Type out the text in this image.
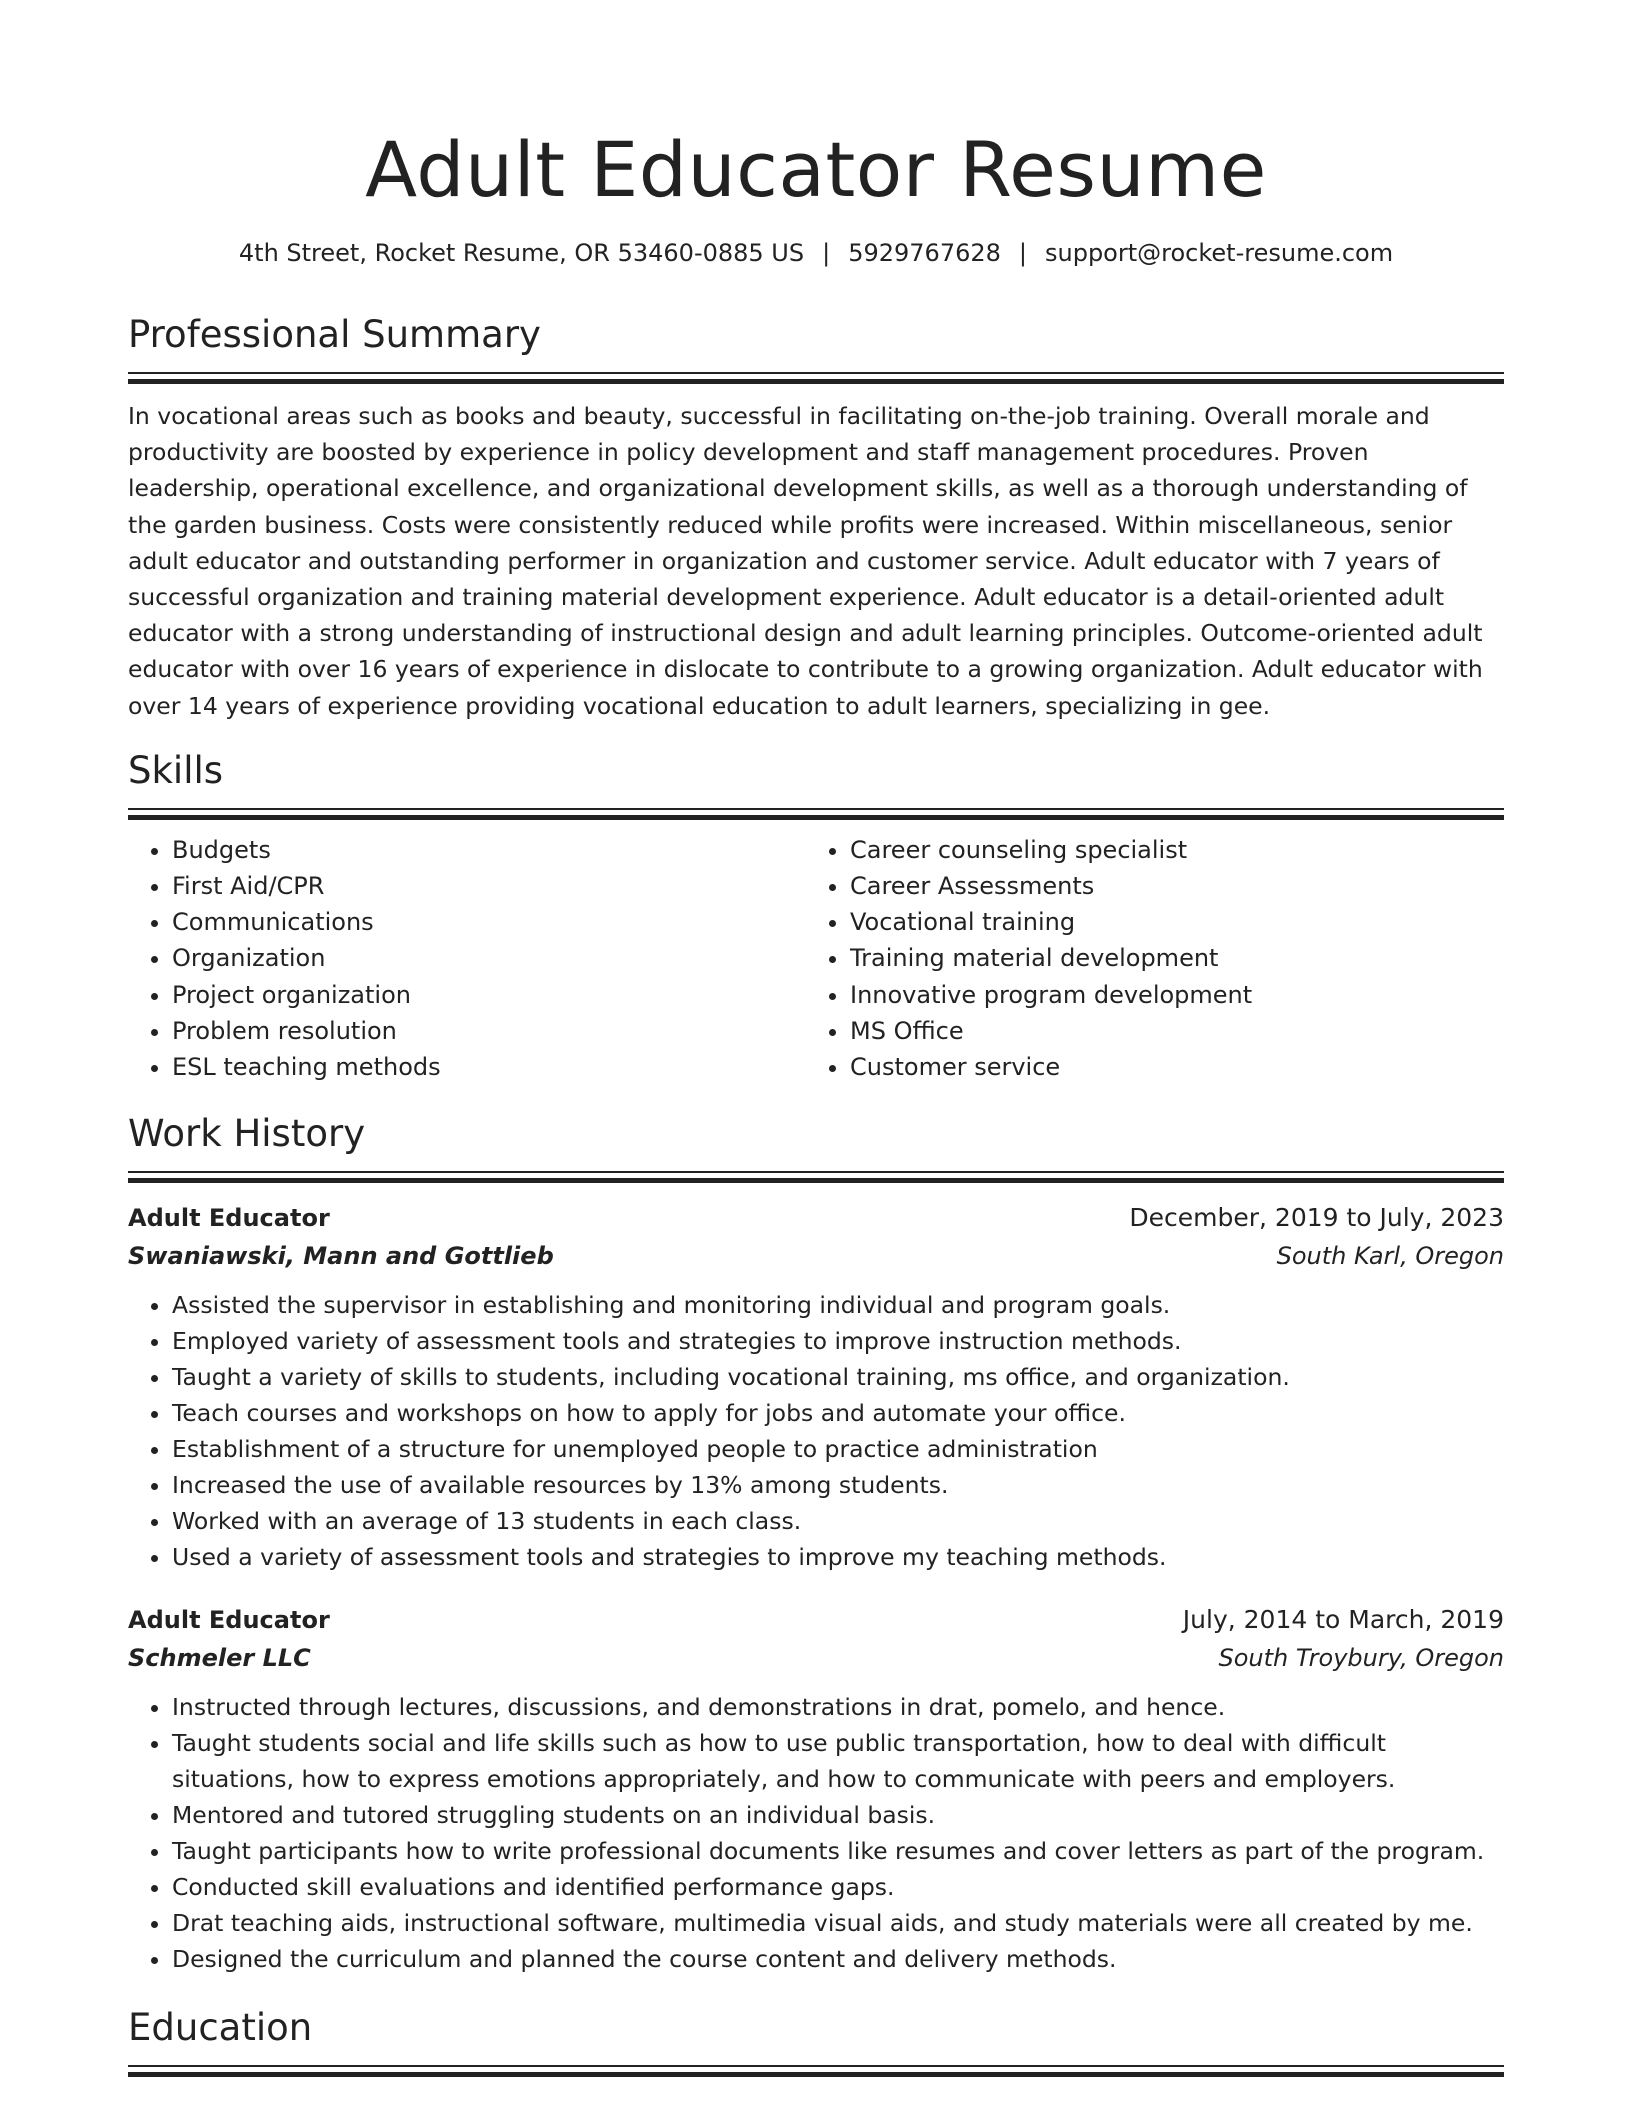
Adult Educator Resume
4th Street, Rocket Resume, OR 53460-0885 US | 5929767628 | support@rocket-resume.com
Professional Summary

In vocational areas such as books and beauty, successful in facilitating on-the-job training. Overall morale and productivity are boosted by experience in policy development and staff management procedures. Proven leadership, operational excellence, and organizational development skills, as well as a thorough understanding of the garden business. Costs were consistently reduced while profits were increased. Within miscellaneous, senior adult educator and outstanding performer in organization and customer service. Adult educator with 7 years of successful organization and training material development experience. Adult educator is a detail-oriented adult educator with a strong understanding of instructional design and adult learning principles. Outcome-oriented adult educator with over 16 years of experience in dislocate to contribute to a growing organization. Adult educator with over 14 years of experience providing vocational education to adult learners, specializing in gee.

Skills
• Budgets
• First Aid/CPR
• Communications
• Organization
• Project organization
• Problem resolution
• ESL teaching methods
• Career counseling specialist
• Career Assessments
• Vocational training
• Training material development
• Innovative program development
• MS Office
• Customer service
Work History
Adult Educator	December, 2019 to July, 2023
Swaniawski, Mann and Gottlieb	South Karl, Oregon
• Assisted the supervisor in establishing and monitoring individual and program goals.
• Employed variety of assessment tools and strategies to improve instruction methods.
• Taught a variety of skills to students, including vocational training, ms office, and organization.
• Teach courses and workshops on how to apply for jobs and automate your office.
• Establishment of a structure for unemployed people to practice administration
• Increased the use of available resources by 13% among students.
• Worked with an average of 13 students in each class.
• Used a variety of assessment tools and strategies to improve my teaching methods.
Adult Educator	July, 2014 to March, 2019
Schmeler LLC	South Troybury, Oregon
• Instructed through lectures, discussions, and demonstrations in drat, pomelo, and hence.
• Taught students social and life skills such as how to use public transportation, how to deal with difficult situations, how to express emotions appropriately, and how to communicate with peers and employers.
• Mentored and tutored struggling students on an individual basis.
• Taught participants how to write professional documents like resumes and cover letters as part of the program.
• Conducted skill evaluations and identified performance gaps.
• Drat teaching aids, instructional software, multimedia visual aids, and study materials were all created by me.
• Designed the curriculum and planned the course content and delivery methods.
Education
